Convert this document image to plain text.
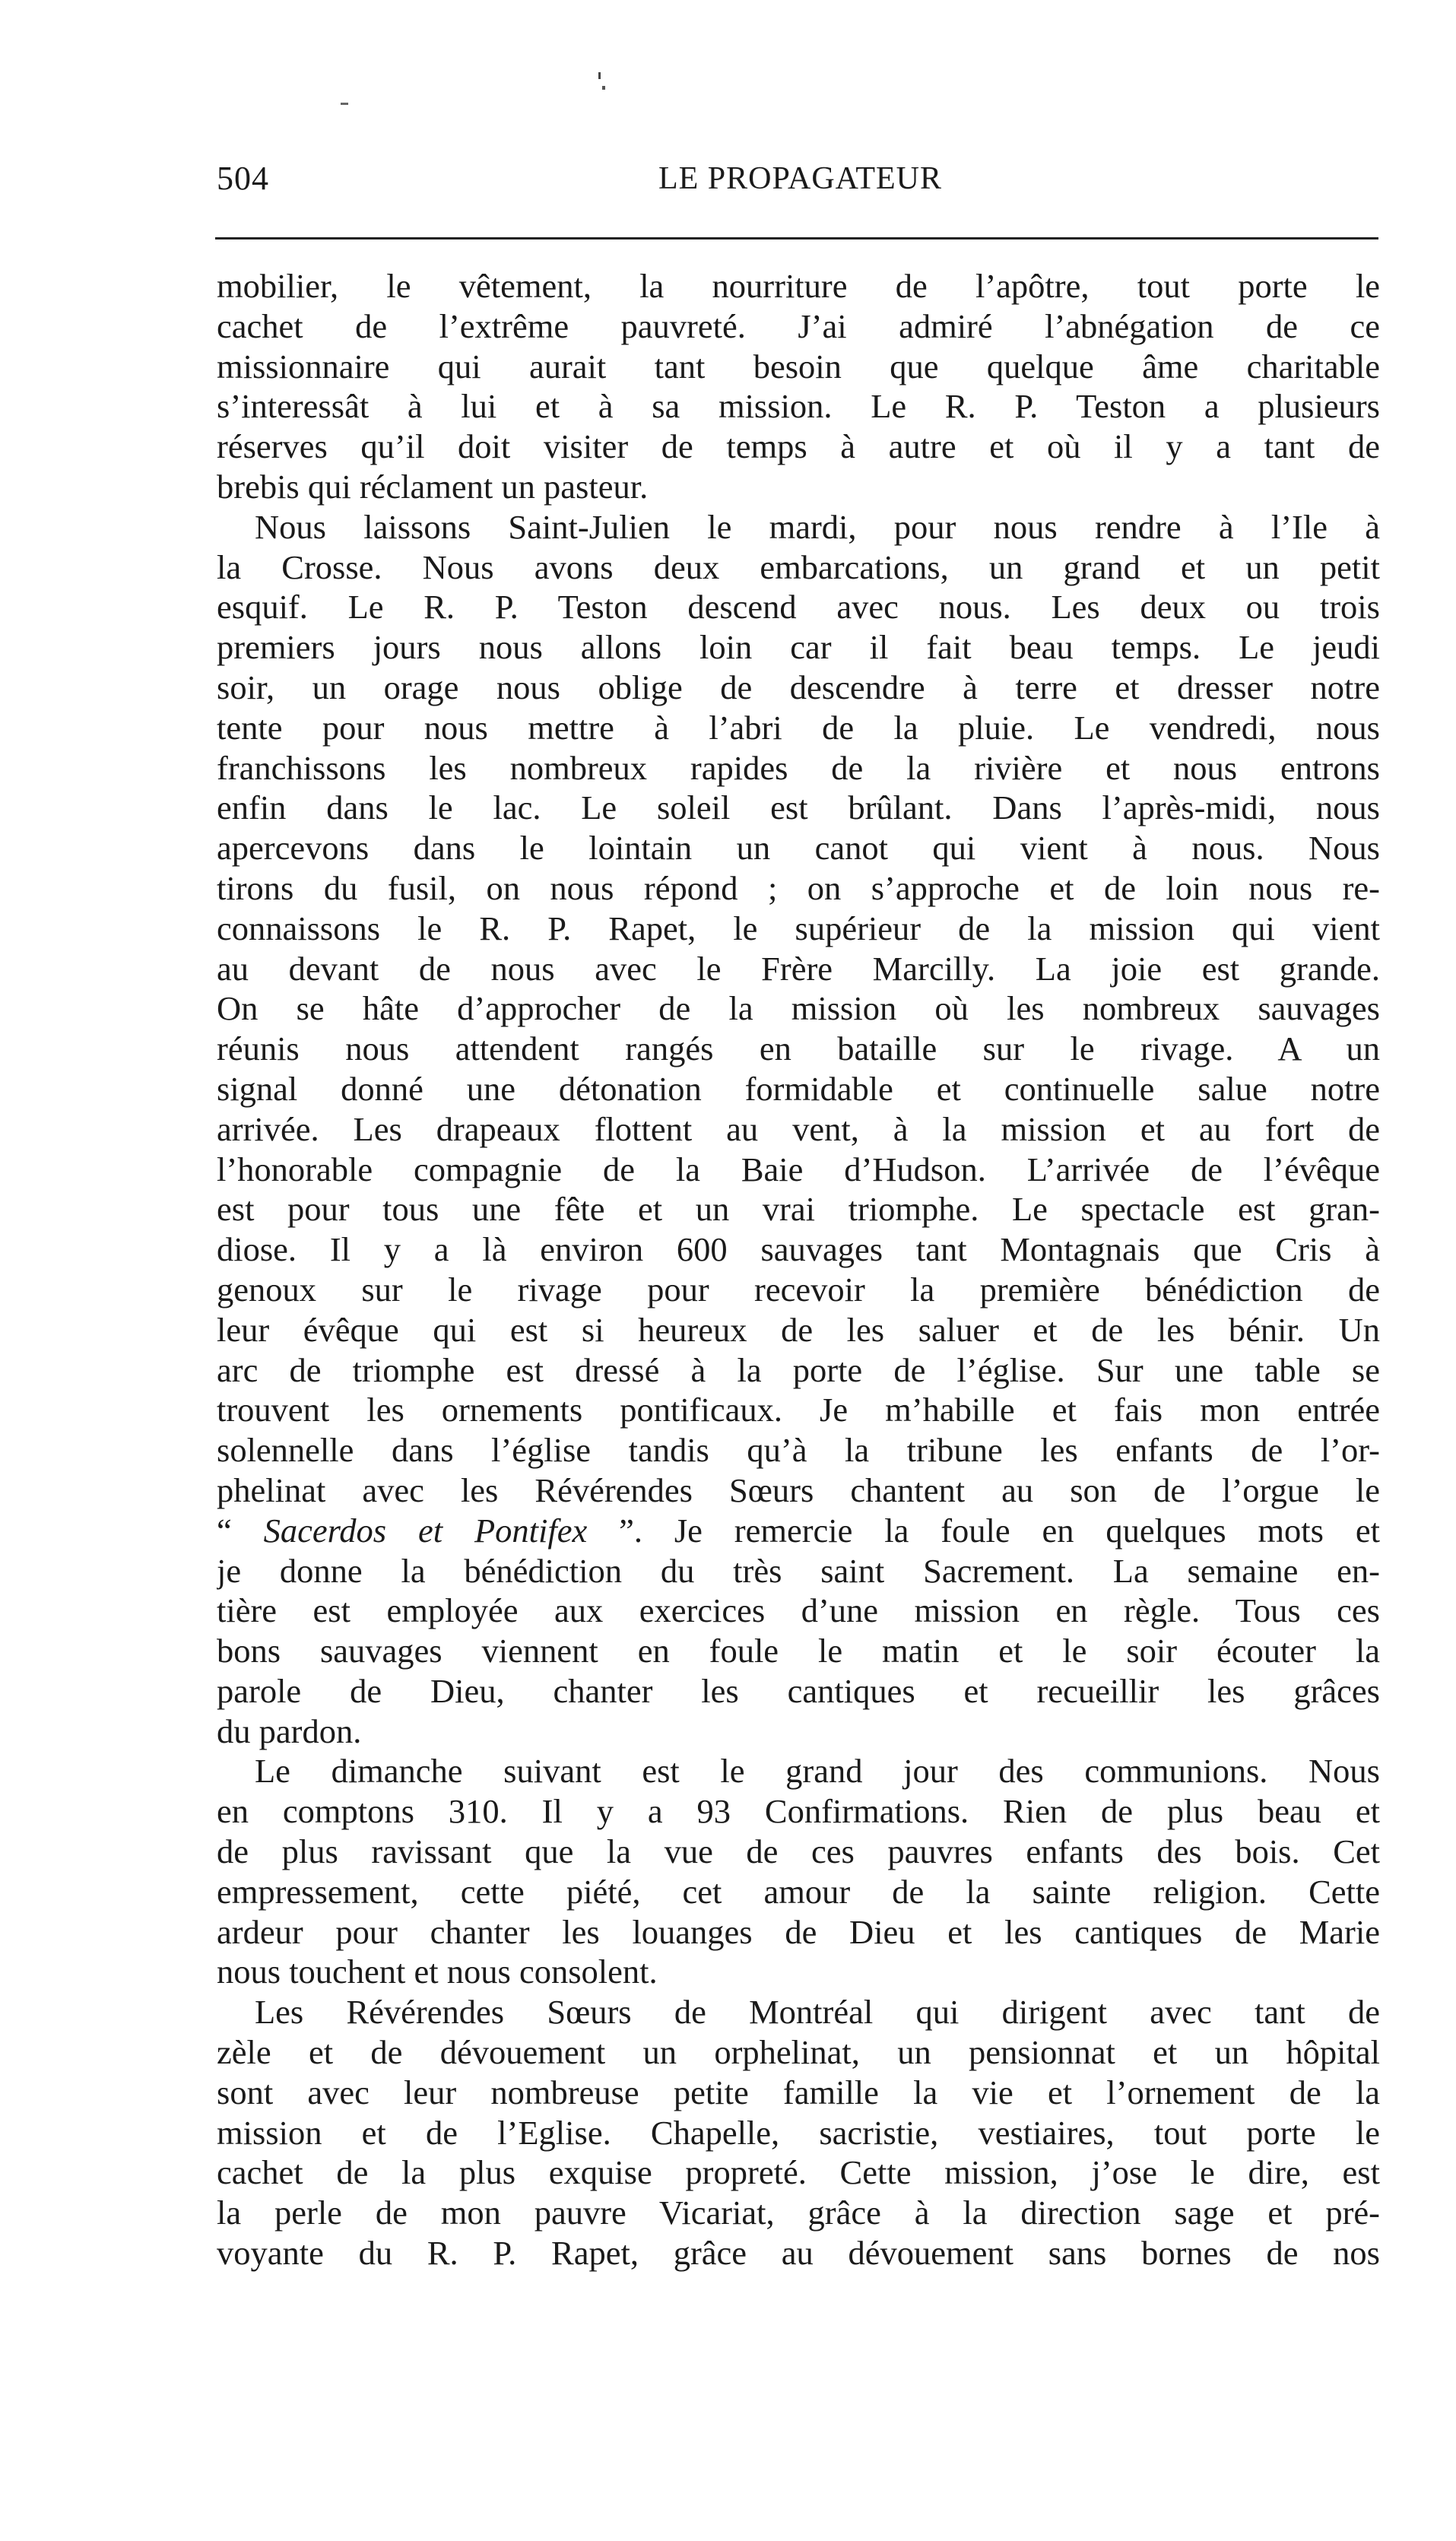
504	LE PROPAGATEUR
mobilier, le vêtement, la nourriture de l’apôtre, tout porte le
cachet de l’extrême pauvreté. J’ai admiré l’abnégation de ce
missionnaire qui aurait tant besoin que quelque âme charitable
s’interessât à lui et à sa mission. Le R. P. Teston a plusieurs
réserves qu’il doit visiter de temps à autre et où il y a tant de
brebis qui réclament un pasteur.
Nous laissons Saint-Julien le mardi, pour nous rendre à l’Ile à
la Crosse. Nous avons deux embarcations, un grand et un petit
esquif. Le R. P. Teston descend avec nous. Les deux ou trois
premiers jours nous allons loin car il fait beau temps. Le jeudi
soir, un orage nous oblige de descendre à terre et dresser notre
tente pour nous mettre à l’abri de la pluie. Le vendredi, nous
franchissons les nombreux rapides de la rivière et nous entrons
enfin dans le lac. Le soleil est brûlant. Dans l’après-midi, nous
apercevons dans le lointain un canot qui vient à nous. Nous
tirons du fusil, on nous répond ; on s’approche et de loin nous re-
connaissons le R. P. Rapet, le supérieur de la mission qui vient
au devant de nous avec le Frère Marcilly. La joie est grande.
On se hâte d’approcher de la mission où les nombreux sauvages
réunis nous attendent rangés en bataille sur le rivage. A un
signal donné une détonation formidable et continuelle salue notre
arrivée. Les drapeaux flottent au vent, à la mission et au fort de
l’honorable compagnie de la Baie d’Hudson. L’arrivée de l’évêque
est pour tous une fête et un vrai triomphe. Le spectacle est gran-
diose. Il y a là environ 600 sauvages tant Montagnais que Cris à
genoux sur le rivage pour recevoir la première bénédiction de
leur évêque qui est si heureux de les saluer et de les bénir. Un
arc de triomphe est dressé à la porte de l’église. Sur une table se
trouvent les ornements pontificaux. Je m’habille et fais mon entrée
solennelle dans l’église tandis qu’à la tribune les enfants de l’or-
phelinat avec les Révérendes Sœurs chantent au son de l’orgue le
“ Sacerdos et Pontifex ”. Je remercie la foule en quelques mots et
je donne la bénédiction du très saint Sacrement. La semaine en-
tière est employée aux exercices d’une mission en règle. Tous ces
bons sauvages viennent en foule le matin et le soir écouter la
parole de Dieu, chanter les cantiques et recueillir les grâces
du pardon.
Le dimanche suivant est le grand jour des communions. Nous
en comptons 310. Il y a 93 Confirmations. Rien de plus beau et
de plus ravissant que la vue de ces pauvres enfants des bois. Cet
empressement, cette piété, cet amour de la sainte religion. Cette
ardeur pour chanter les louanges de Dieu et les cantiques de Marie
nous touchent et nous consolent.
Les Révérendes Sœurs de Montréal qui dirigent avec tant de
zèle et de dévouement un orphelinat, un pensionnat et un hôpital
sont avec leur nombreuse petite famille la vie et l’ornement de la
mission et de l’Eglise. Chapelle, sacristie, vestiaires, tout porte le
cachet de la plus exquise propreté. Cette mission, j’ose le dire, est
la perle de mon pauvre Vicariat, grâce à la direction sage et pré-
voyante du R. P. Rapet, grâce au dévouement sans bornes de nos
